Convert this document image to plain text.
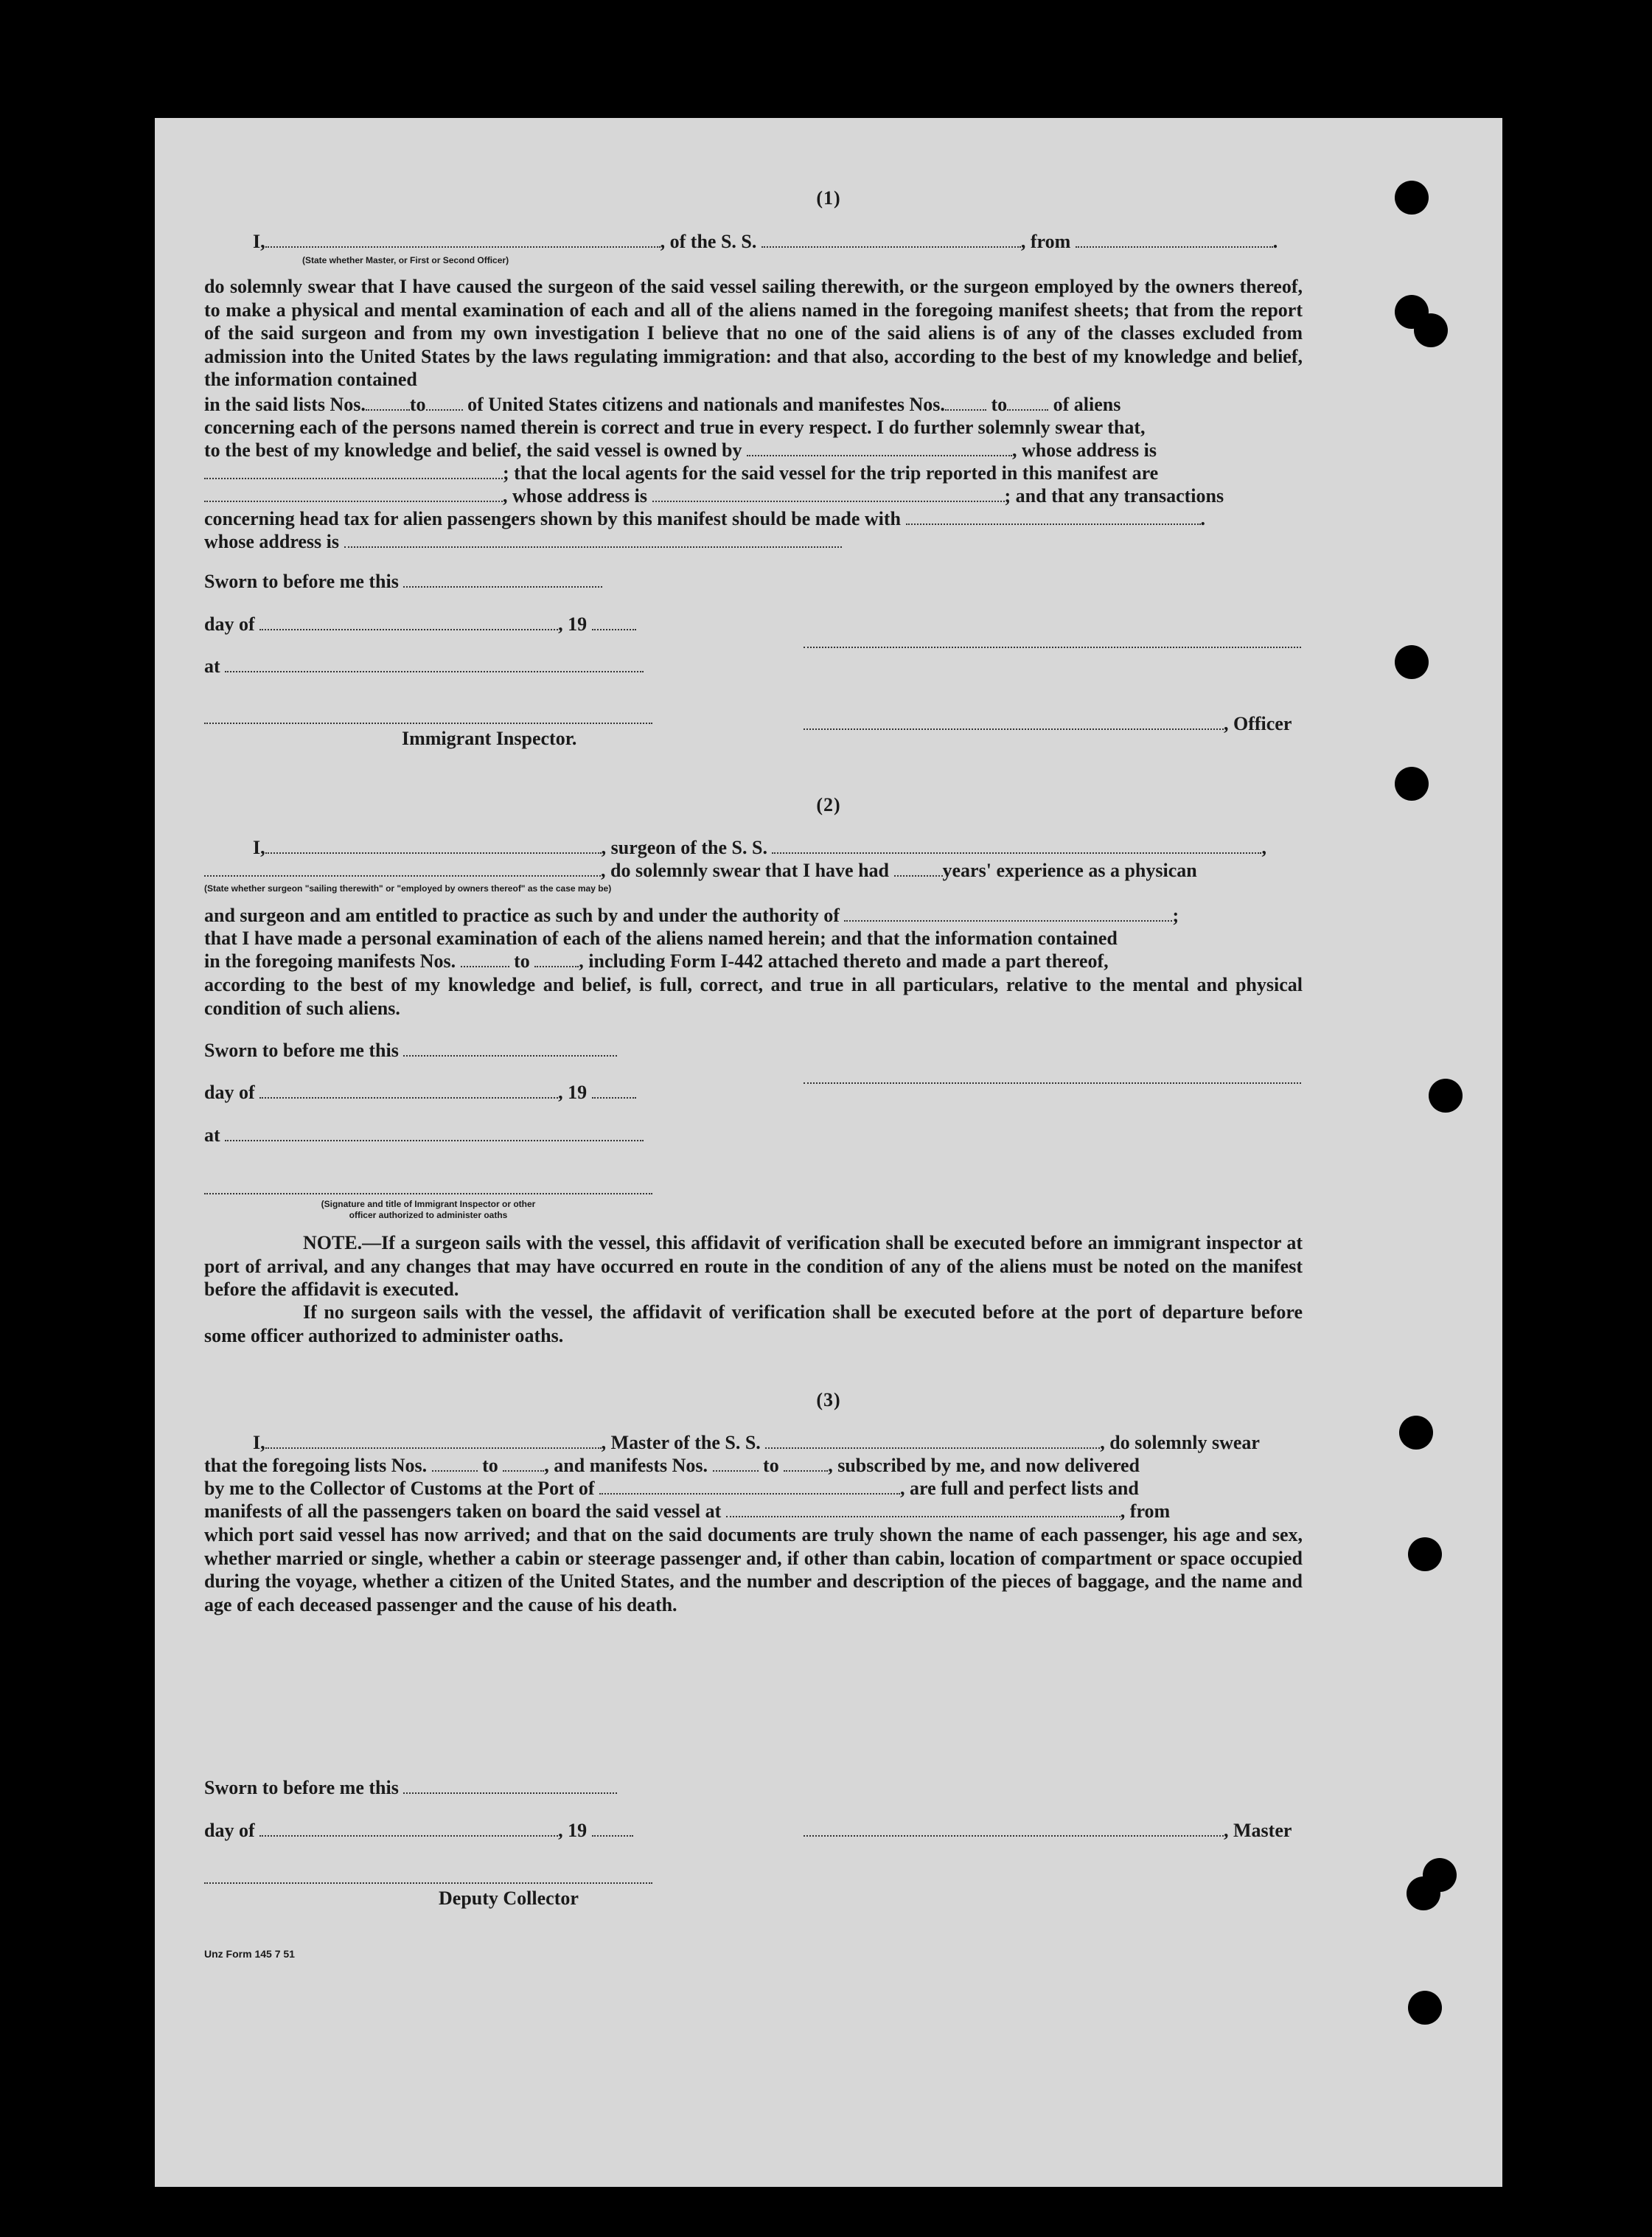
(1)
I,	, of the S. S.	, from	.
(State whether Master, or First or Second Officer)
do solemnly swear that I have caused the surgeon of the said vessel sailing therewith, or the surgeon employed by the owners thereof, to make a physical and mental examination of each and all of the aliens named in the foregoing manifest sheets; that from the report of the said surgeon and from my own investigation I believe that no one of the said aliens is of any of the classes excluded from admission into the United States by the laws regulating immigration: and that also, according to the best of my knowledge and belief, the information contained
in the said lists Nos. to of United States citizens and nationals and manifestes Nos. to of aliens
concerning each of the persons named therein is correct and true in every respect. I do further solemnly swear that,
to the best of my knowledge and belief, the said vessel is owned by	, whose address is
; that the local agents for the said vessel for the trip reported in this manifest are
, whose address is	; and that any transactions
concerning head tax for alien passengers shown by this manifest should be made with	.
whose address is
Sworn to before me this
day of	, 19
at
, Officer
Immigrant Inspector.
(2)
I,	, surgeon of the S. S.	,
, do solemnly swear that I have had	years' experience as a physican
(State whether surgeon "sailing therewith" or "employed by owners thereof" as the case may be)
and surgeon and am entitled to practice as such by and under the authority of	;
that I have made a personal examination of each of the aliens named herein; and that the information contained
in the foregoing manifests Nos.	to	, including Form I-442 attached thereto and made a part thereof,
according to the best of my knowledge and belief, is full, correct, and true in all particulars, relative to the mental and physical condition of such aliens.
Sworn to before me this
day of	, 19
at
(Signature and title of Immigrant Inspector or other
officer authorized to administer oaths
NOTE.—If a surgeon sails with the vessel, this affidavit of verification shall be executed before an immigrant inspector at port of arrival, and any changes that may have occurred en route in the condition of any of the aliens must be noted on the manifest before the affidavit is executed.
If no surgeon sails with the vessel, the affidavit of verification shall be executed before at the port of departure before some officer authorized to administer oaths.
(3)
I,	, Master of the S. S.	, do solemnly swear
that the foregoing lists Nos.	to , and manifests Nos.	to	, subscribed by me, and now delivered
by me to the Collector of Customs at the Port of	, are full and perfect lists and
manifests of all the passengers taken on board the said vessel at	, from
which port said vessel has now arrived; and that on the said documents are truly shown the name of each passenger, his age and sex, whether married or single, whether a cabin or steerage passenger and, if other than cabin, location of compartment or space occupied during the voyage, whether a citizen of the United States, and the number and description of the pieces of baggage, and the name and age of each deceased passenger and the cause of his death.
Sworn to before me this
day of	, 19	, Master
Deputy Collector
Unz Form 145 7 51
